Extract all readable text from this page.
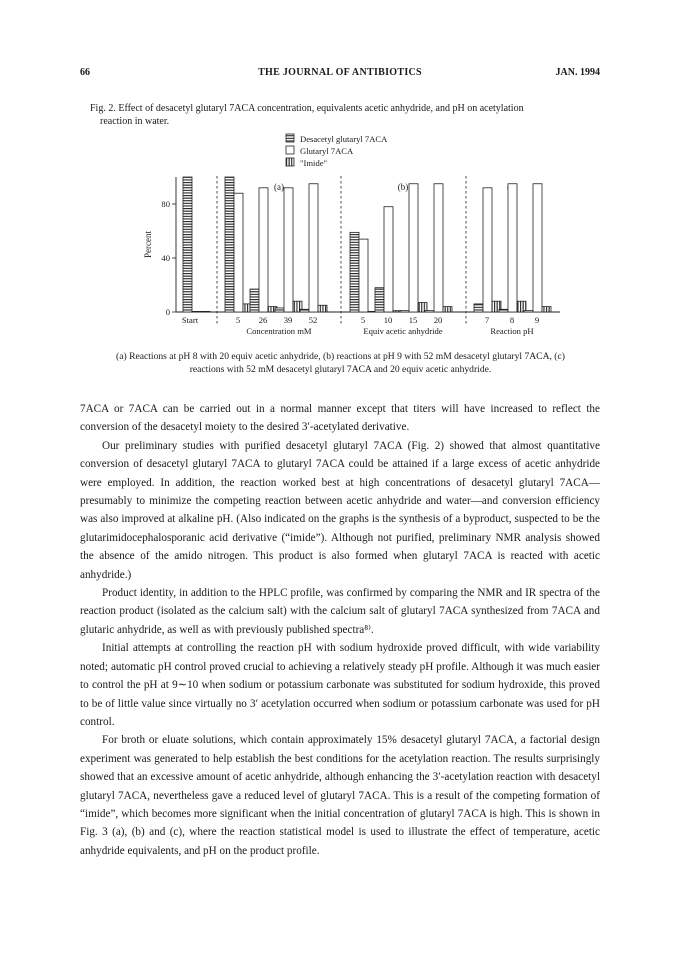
66	THE JOURNAL OF ANTIBIOTICS	JAN. 1994
Fig. 2. Effect of desacetyl glutaryl 7ACA concentration, equivalents acetic anhydride, and pH on acetylation
reaction in water.
Desacetyl glutaryl 7ACA
Glutaryl 7ACA
"Imide"
0
40
80
Percent
Start
(a)
5 26 39 52
Concentration mM
(b)
5 10 15 20
Equiv acetic anhydride
7 8 9
Reaction pH
(a) Reactions at pH 8 with 20 equiv acetic anhydride, (b) reactions at pH 9 with 52 mM desacetyl glutaryl 7ACA, (c) reactions with 52 mM desacetyl glutaryl 7ACA and 20 equiv acetic anhydride.

7ACA or 7ACA can be carried out in a normal manner except that titers will have increased to reflect the conversion of the desacetyl moiety to the desired 3′-acetylated derivative.

Our preliminary studies with purified desacetyl glutaryl 7ACA (Fig. 2) showed that almost quantitative conversion of desacetyl glutaryl 7ACA to glutaryl 7ACA could be attained if a large excess of acetic anhydride were employed. In addition, the reaction worked best at high concentrations of desacetyl glutaryl 7ACA—presumably to minimize the competing reaction between acetic anhydride and water—and conversion efficiency was also improved at alkaline pH. (Also indicated on the graphs is the synthesis of a byproduct, suspected to be the glutarimidocephalosporanic acid derivative (“imide”). Although not purified, preliminary NMR analysis showed the absence of the amido nitrogen. This product is also formed when glutaryl 7ACA is reacted with acetic anhydride.)

Product identity, in addition to the HPLC profile, was confirmed by comparing the NMR and IR spectra of the reaction product (isolated as the calcium salt) with the calcium salt of glutaryl 7ACA synthesized from 7ACA and glutaric anhydride, as well as with previously published spectra⁸⁾.

Initial attempts at controlling the reaction pH with sodium hydroxide proved difficult, with wide variability noted; automatic pH control proved crucial to achieving a relatively steady pH profile. Although it was much easier to control the pH at 9∼10 when sodium or potassium carbonate was substituted for sodium hydroxide, this proved to be of little value since virtually no 3′ acetylation occurred when sodium or potassium carbonate was used for pH control.

For broth or eluate solutions, which contain approximately 15% desacetyl glutaryl 7ACA, a factorial design experiment was generated to help establish the best conditions for the acetylation reaction. The results surprisingly showed that an excessive amount of acetic anhydride, although enhancing the 3′-acetylation reaction with desacetyl glutaryl 7ACA, nevertheless gave a reduced level of glutaryl 7ACA. This is a result of the competing formation of “imide”, which becomes more significant when the initial concentration of glutaryl 7ACA is high. This is shown in Fig. 3 (a), (b) and (c), where the reaction statistical model is used to illustrate the effect of temperature, acetic anhydride equivalents, and pH on the product profile.
